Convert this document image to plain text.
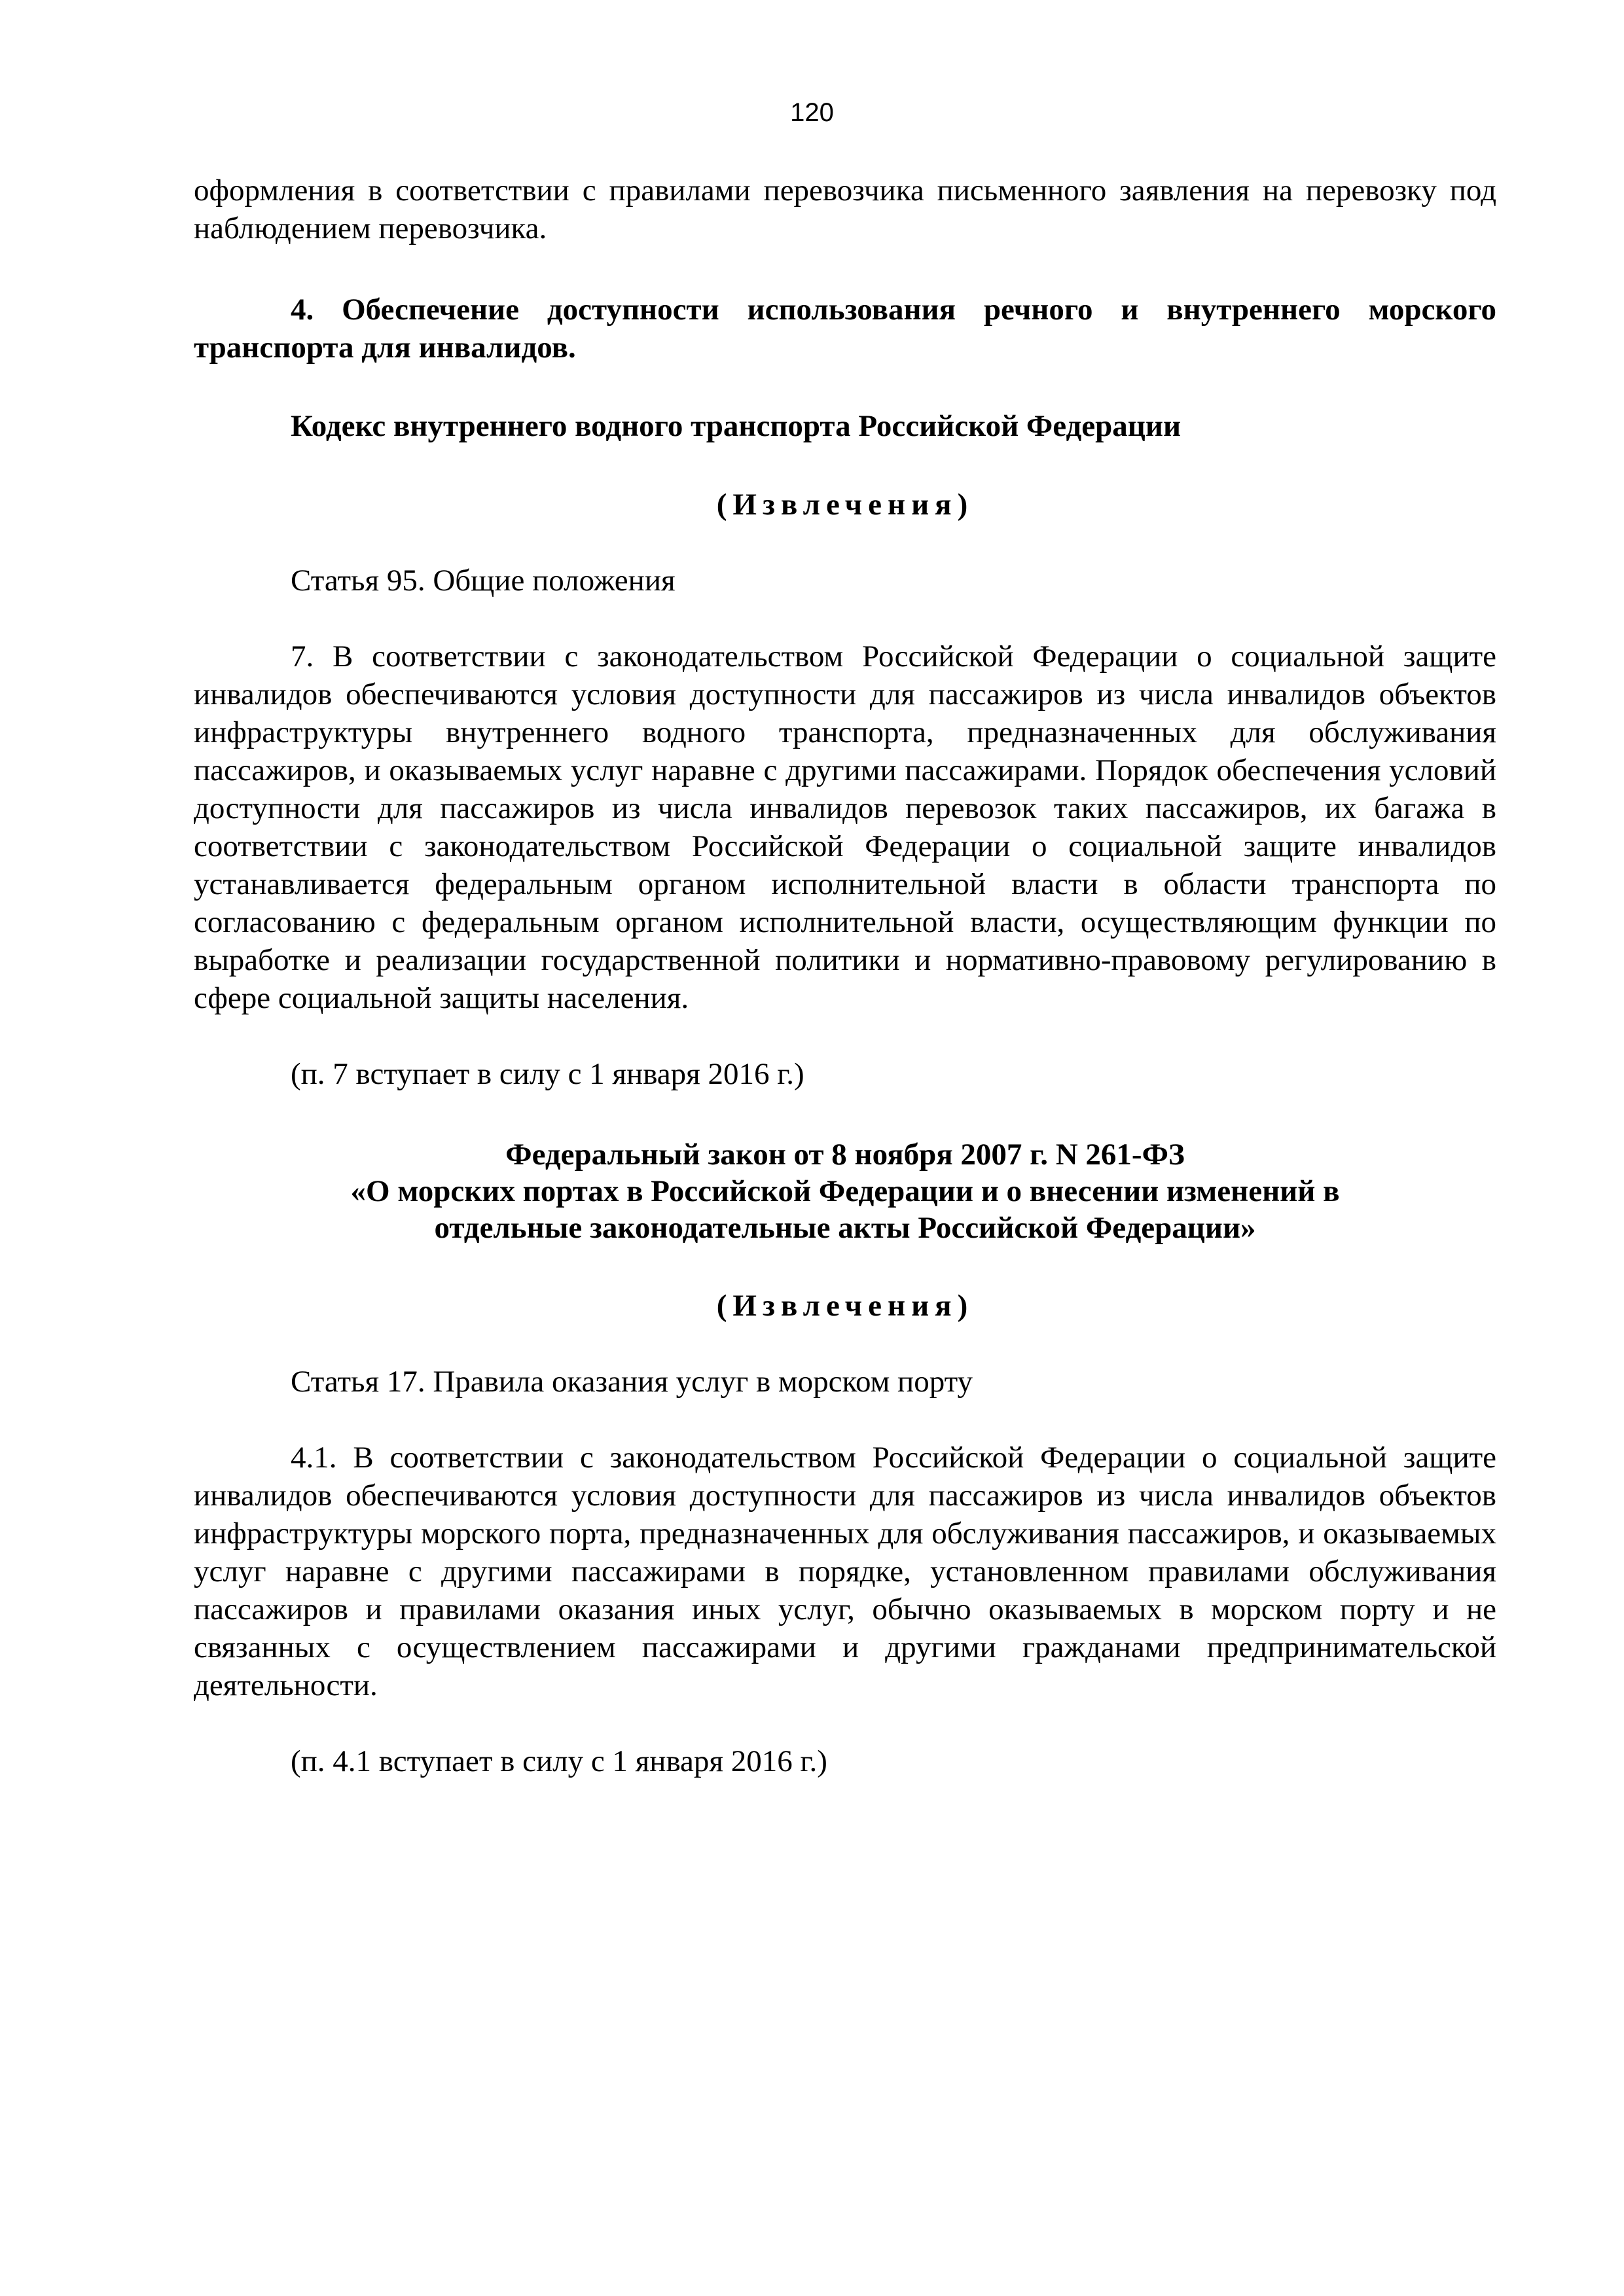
120

оформления в соответствии с правилами перевозчика письменного заявления на перевозку под наблюдением перевозчика.

4. Обеспечение доступности использования речного и внутреннего морского транспорта для инвалидов.

Кодекс внутреннего водного транспорта Российской Федерации

(Извлечения)

Статья 95. Общие положения

7. В соответствии с законодательством Российской Федерации о социальной защите инвалидов обеспечиваются условия доступности для пассажиров из числа инвалидов объектов инфраструктуры внутреннего водного транспорта, предназначенных для обслуживания пассажиров, и оказываемых услуг наравне с другими пассажирами. Порядок обеспечения условий доступности для пассажиров из числа инвалидов перевозок таких пассажиров, их багажа в соответствии с законодательством Российской Федерации о социальной защите инвалидов устанавливается федеральным органом исполнительной власти в области транспорта по согласованию с федеральным органом исполнительной власти, осуществляющим функции по выработке и реализации государственной политики и нормативно-правовому регулированию в сфере социальной защиты населения.

(п. 7 вступает в силу с 1 января 2016 г.)

Федеральный закон от 8 ноября 2007 г. N 261-ФЗ
«О морских портах в Российской Федерации и о внесении изменений в
отдельные законодательные акты Российской Федерации»

(Извлечения)

Статья 17. Правила оказания услуг в морском порту

4.1. В соответствии с законодательством Российской Федерации о социальной защите инвалидов обеспечиваются условия доступности для пассажиров из числа инвалидов объектов инфраструктуры морского порта, предназначенных для обслуживания пассажиров, и оказываемых услуг наравне с другими пассажирами в порядке, установленном правилами обслуживания пассажиров и правилами оказания иных услуг, обычно оказываемых в морском порту и не связанных с осуществлением пассажирами и другими гражданами предпринимательской деятельности.

(п. 4.1 вступает в силу с 1 января 2016 г.)
